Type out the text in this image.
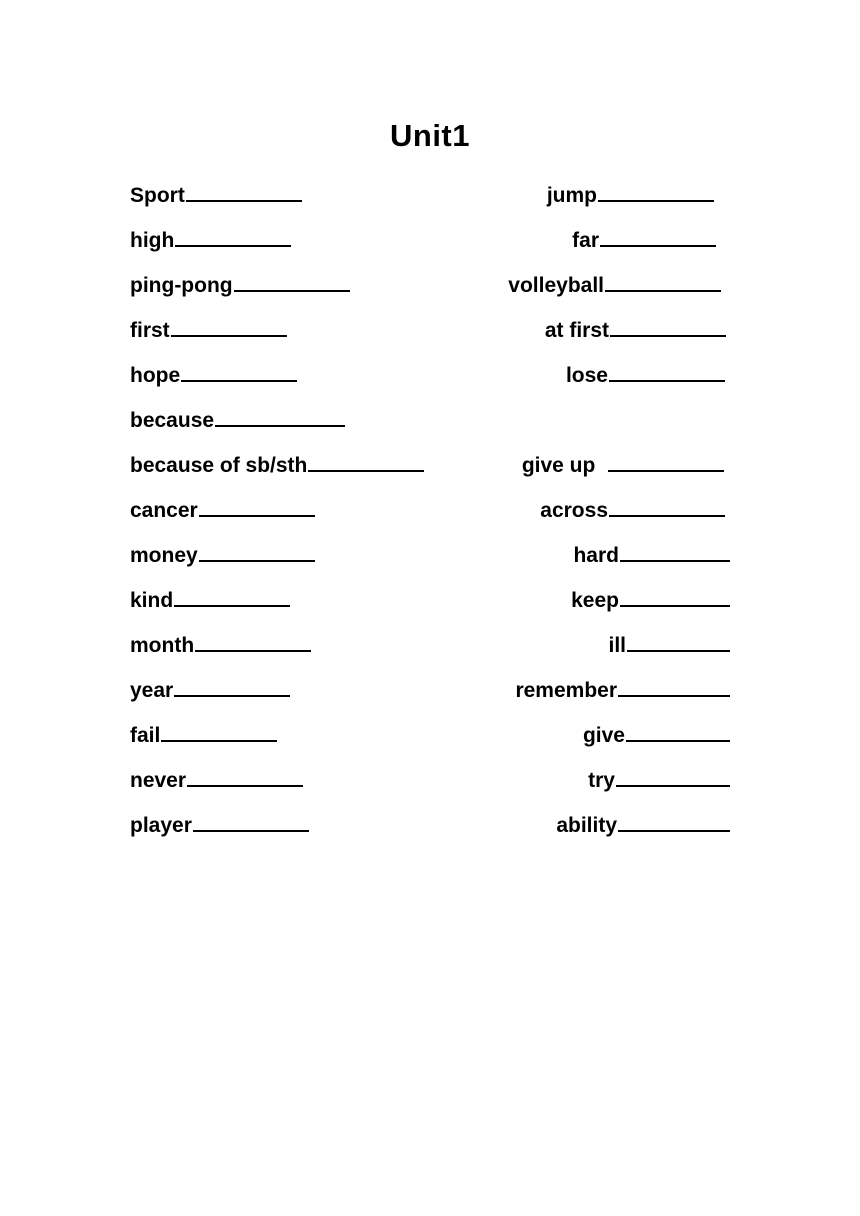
Unit1
Sport	jump
high	far
ping-pong	volleyball
first	at first
hope	lose
because
because of sb/sth	give up
cancer	across
money	hard
kind	keep
month	ill
year	remember
fail	give
never	try
player	ability
